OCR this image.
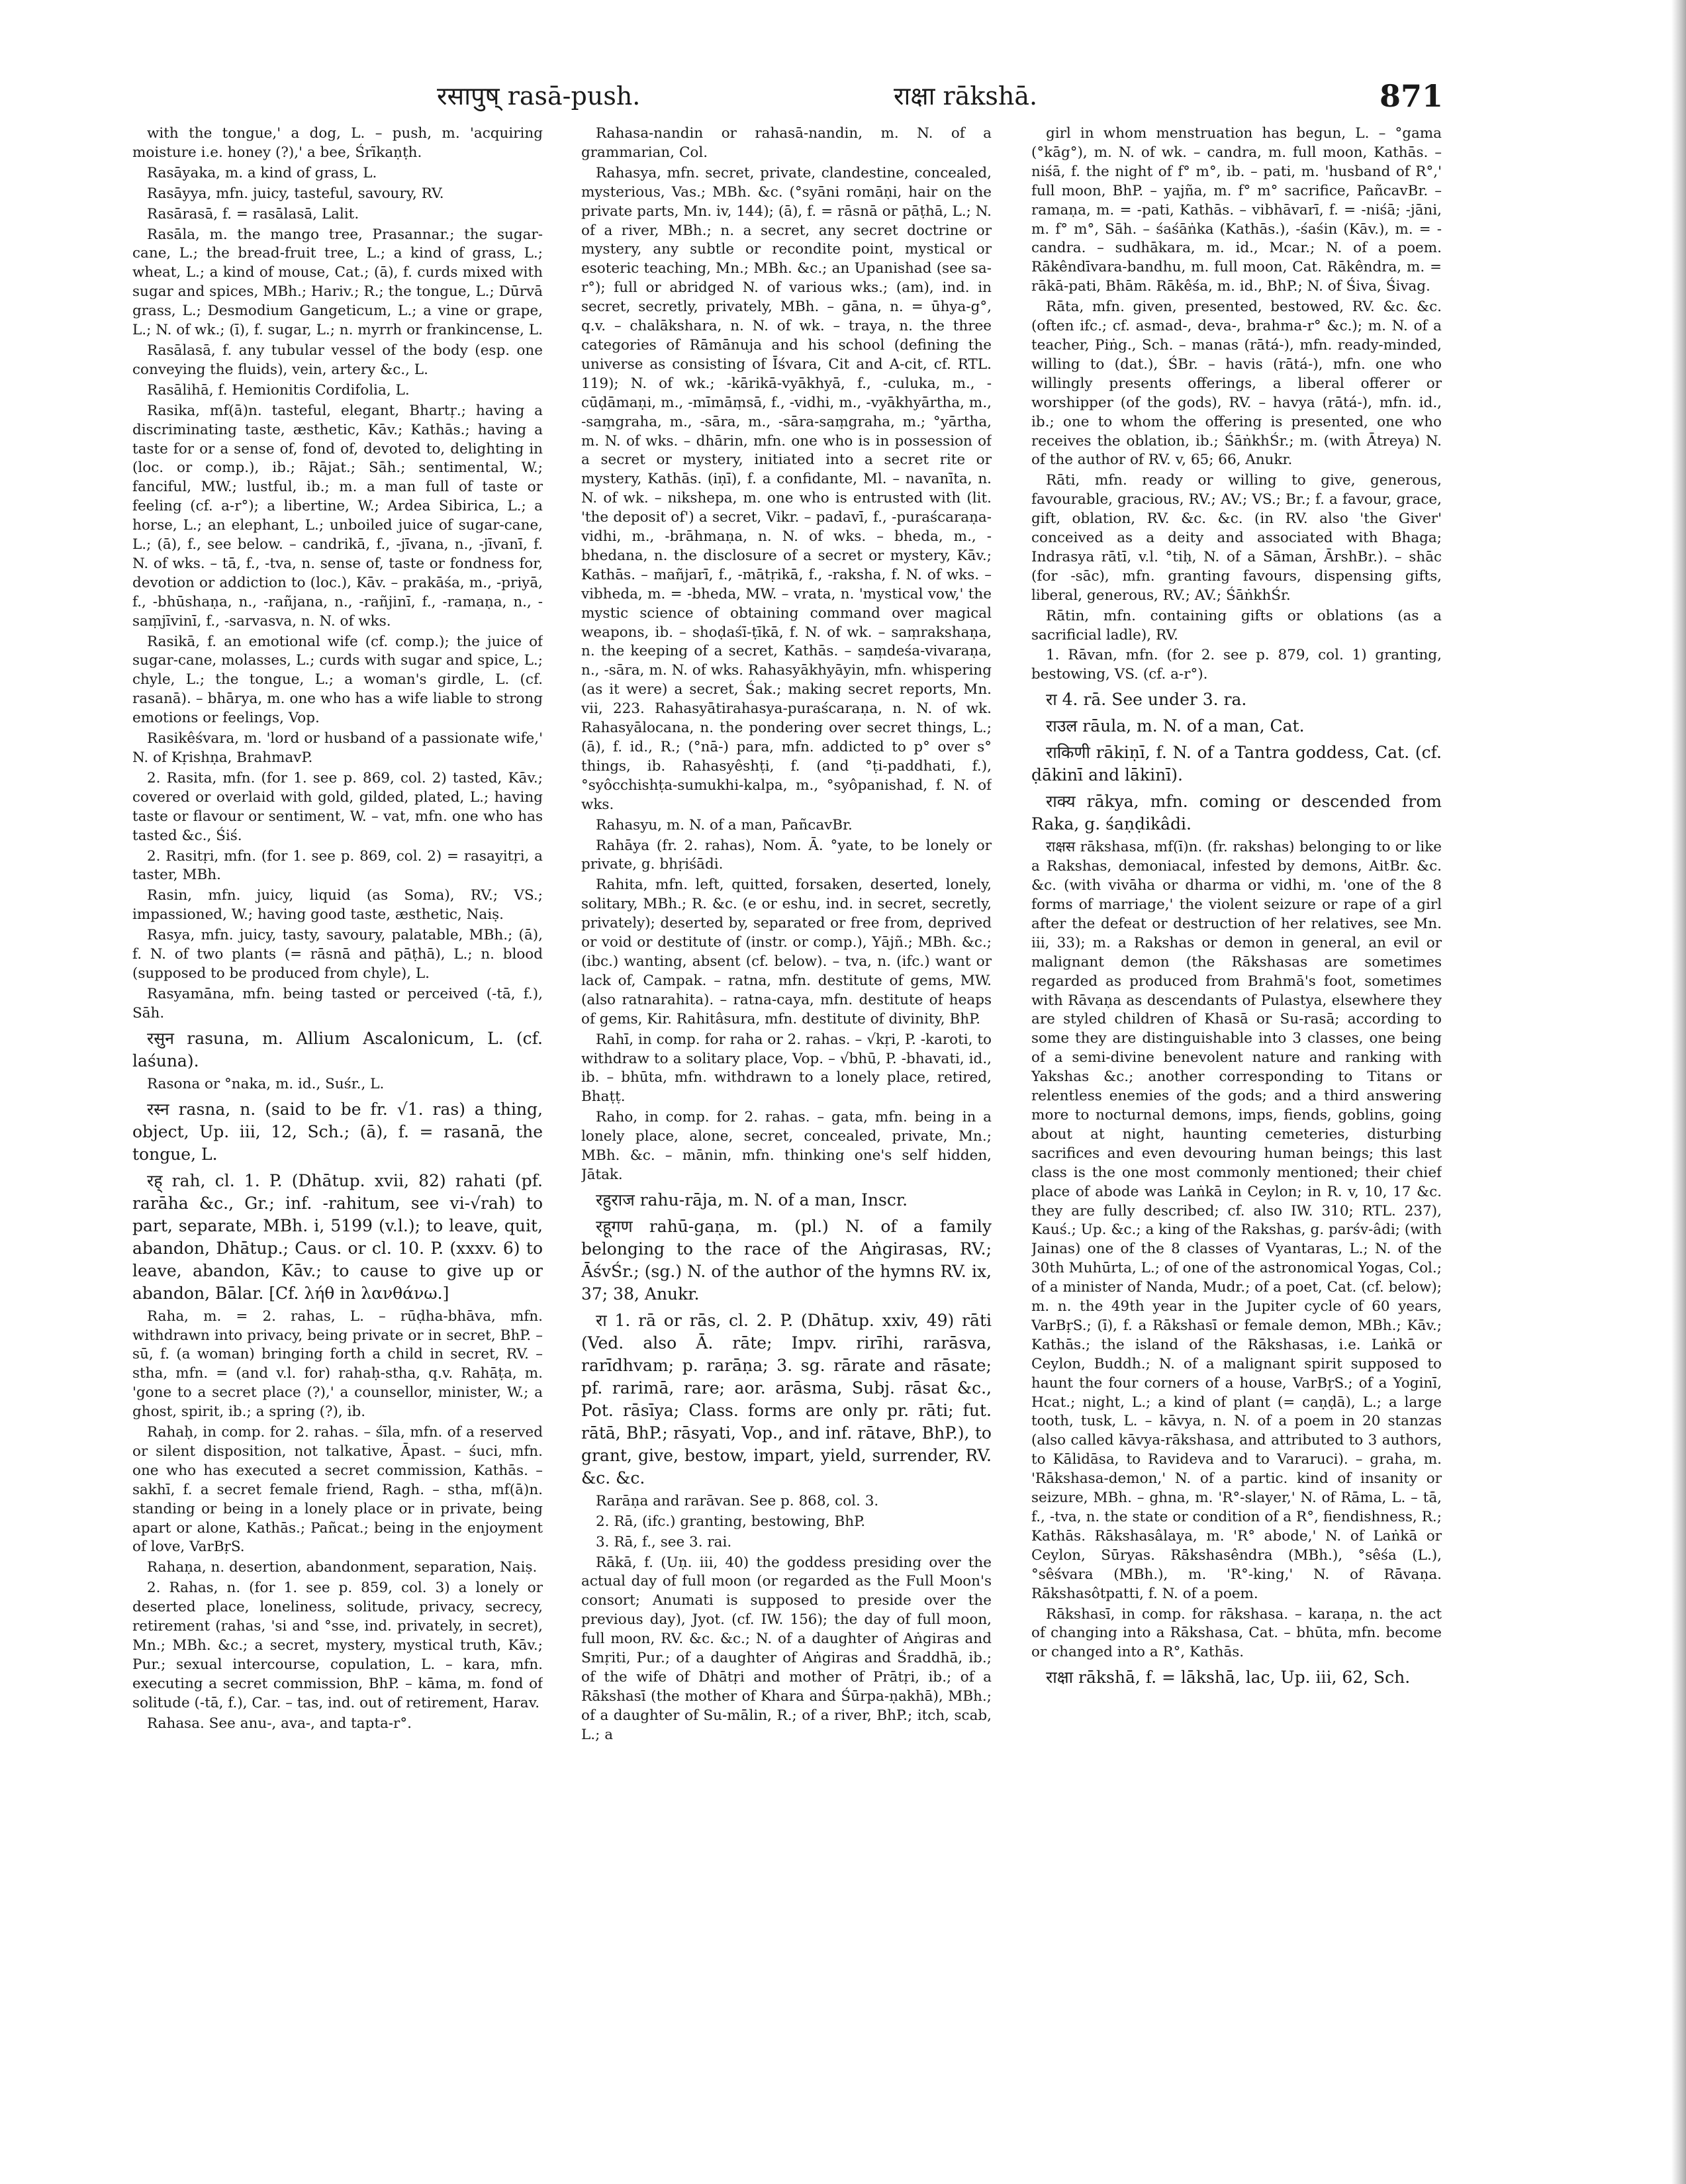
रसापुष् rasā-push.	राक्षा rākshā.	871

with the tongue,' a dog, L. – push, m. 'acquiring moisture i.e. honey (?),' a bee, Śrīkaṇṭh.

Rasāyaka, m. a kind of grass, L.

Rasāyya, mfn. juicy, tasteful, savoury, RV.

Rasārasā, f. = rasālasā, Lalit.

Rasāla, m. the mango tree, Prasannar.; the sugar-cane, L.; the bread-fruit tree, L.; a kind of grass, L.; wheat, L.; a kind of mouse, Cat.; (ā), f. curds mixed with sugar and spices, MBh.; Hariv.; R.; the tongue, L.; Dūrvā grass, L.; Desmodium Gangeticum, L.; a vine or grape, L.; N. of wk.; (ī), f. sugar, L.; n. myrrh or frankincense, L.

Rasālasā, f. any tubular vessel of the body (esp. one conveying the fluids), vein, artery &c., L.

Rasālihā, f. Hemionitis Cordifolia, L.

Rasika, mf(ā)n. tasteful, elegant, Bhartṛ.; having a discriminating taste, æsthetic, Kāv.; Kathās.; having a taste for or a sense of, fond of, devoted to, delighting in (loc. or comp.), ib.; Rājat.; Sāh.; sentimental, W.; fanciful, MW.; lustful, ib.; m. a man full of taste or feeling (cf. a-r°); a libertine, W.; Ardea Sibirica, L.; a horse, L.; an elephant, L.; unboiled juice of sugar-cane, L.; (ā), f., see below. – candrikā, f., -jīvana, n., -jīvanī, f. N. of wks. – tā, f., -tva, n. sense of, taste or fondness for, devotion or addiction to (loc.), Kāv. – prakāśa, m., -priyā, f., -bhūshaṇa, n., -rañjana, n., -rañjinī, f., -ramaṇa, n., -saṃjīvinī, f., -sarvasva, n. N. of wks.

Rasikā, f. an emotional wife (cf. comp.); the juice of sugar-cane, molasses, L.; curds with sugar and spice, L.; chyle, L.; the tongue, L.; a woman's girdle, L. (cf. rasanā). – bhārya, m. one who has a wife liable to strong emotions or feelings, Vop.

Rasikêśvara, m. 'lord or husband of a passionate wife,' N. of Kṛishṇa, BrahmavP.

2. Rasita, mfn. (for 1. see p. 869, col. 2) tasted, Kāv.; covered or overlaid with gold, gilded, plated, L.; having taste or flavour or sentiment, W. – vat, mfn. one who has tasted &c., Śiś.

2. Rasitṛi, mfn. (for 1. see p. 869, col. 2) = rasayitṛi, a taster, MBh.

Rasin, mfn. juicy, liquid (as Soma), RV.; VS.; impassioned, W.; having good taste, æsthetic, Naiṣ.

Rasya, mfn. juicy, tasty, savoury, palatable, MBh.; (ā), f. N. of two plants (= rāsnā and pāṭhā), L.; n. blood (supposed to be produced from chyle), L.

Rasyamāna, mfn. being tasted or perceived (-tā, f.), Sāh.

रसुन rasuna, m. Allium Ascalonicum, L. (cf. laśuna).

Rasona or °naka, m. id., Suśr., L.

रस्न rasna, n. (said to be fr. √1. ras) a thing, object, Up. iii, 12, Sch.; (ā), f. = rasanā, the tongue, L.

रह् rah, cl. 1. P. (Dhātup. xvii, 82) rahati (pf. rarāha &c., Gr.; inf. -rahitum, see vi-√rah) to part, separate, MBh. i, 5199 (v.l.); to leave, quit, abandon, Dhātup.; Caus. or cl. 10. P. (xxxv. 6) to leave, abandon, Kāv.; to cause to give up or abandon, Bālar. [Cf. λήθ in λανθάνω.]

Raha, m. = 2. rahas, L. – rūḍha-bhāva, mfn. withdrawn into privacy, being private or in secret, BhP. – sū, f. (a woman) bringing forth a child in secret, RV. – stha, mfn. = (and v.l. for) rahaḥ-stha, q.v. Rahāṭa, m. 'gone to a secret place (?),' a counsellor, minister, W.; a ghost, spirit, ib.; a spring (?), ib.

Rahaḥ, in comp. for 2. rahas. – śīla, mfn. of a reserved or silent disposition, not talkative, Āpast. – śuci, mfn. one who has executed a secret commission, Kathās. – sakhī, f. a secret female friend, Ragh. – stha, mf(ā)n. standing or being in a lonely place or in private, being apart or alone, Kathās.; Pañcat.; being in the enjoyment of love, VarBṛS.

Rahaṇa, n. desertion, abandonment, separation, Naiṣ.

2. Rahas, n. (for 1. see p. 859, col. 3) a lonely or deserted place, loneliness, solitude, privacy, secrecy, retirement (rahas, 'si and °sse, ind. privately, in secret), Mn.; MBh. &c.; a secret, mystery, mystical truth, Kāv.; Pur.; sexual intercourse, copulation, L. – kara, mfn. executing a secret commission, BhP. – kāma, m. fond of solitude (-tā, f.), Car. – tas, ind. out of retirement, Harav.

Rahasa. See anu-, ava-, and tapta-r°.

Rahasa-nandin or rahasā-nandin, m. N. of a grammarian, Col.

Rahasya, mfn. secret, private, clandestine, concealed, mysterious, Vas.; MBh. &c. (°syāni romāṇi, hair on the private parts, Mn. iv, 144); (ā), f. = rāsnā or pāṭhā, L.; N. of a river, MBh.; n. a secret, any secret doctrine or mystery, any subtle or recondite point, mystical or esoteric teaching, Mn.; MBh. &c.; an Upanishad (see sa-r°); full or abridged N. of various wks.; (am), ind. in secret, secretly, privately, MBh. – gāna, n. = ūhya-g°, q.v. – chalākshara, n. N. of wk. – traya, n. the three categories of Rāmānuja and his school (defining the universe as consisting of Īśvara, Cit and A-cit, cf. RTL. 119); N. of wk.; -kārikā-vyākhyā, f., -culuka, m., -cūḍāmaṇi, m., -mīmāṃsā, f., -vidhi, m., -vyākhyārtha, m., -saṃgraha, m., -sāra, m., -sāra-saṃgraha, m.; °yārtha, m. N. of wks. – dhārin, mfn. one who is in possession of a secret or mystery, initiated into a secret rite or mystery, Kathās. (iṇī), f. a confidante, Ml. – navanīta, n. N. of wk. – nikshepa, m. one who is entrusted with (lit. 'the deposit of') a secret, Vikr. – padavī, f., -puraścaraṇa-vidhi, m., -brāhmaṇa, n. N. of wks. – bheda, m., -bhedana, n. the disclosure of a secret or mystery, Kāv.; Kathās. – mañjarī, f., -mātṛikā, f., -raksha, f. N. of wks. – vibheda, m. = -bheda, MW. – vrata, n. 'mystical vow,' the mystic science of obtaining command over magical weapons, ib. – shoḍaśī-ṭīkā, f. N. of wk. – saṃrakshaṇa, n. the keeping of a secret, Kathās. – saṃdeśa-vivaraṇa, n., -sāra, m. N. of wks. Rahasyākhyāyin, mfn. whispering (as it were) a secret, Śak.; making secret reports, Mn. vii, 223. Rahasyātirahasya-puraścaraṇa, n. N. of wk. Rahasyālocana, n. the pondering over secret things, L.; (ā), f. id., R.; (°nā-) para, mfn. addicted to p° over s° things, ib. Rahasyêshṭi, f. (and °ṭi-paddhati, f.), °syôcchishṭa-sumukhi-kalpa, m., °syôpanishad, f. N. of wks.

Rahasyu, m. N. of a man, PañcavBr.

Rahāya (fr. 2. rahas), Nom. Ā. °yate, to be lonely or private, g. bhṛiśādi.

Rahita, mfn. left, quitted, forsaken, deserted, lonely, solitary, MBh.; R. &c. (e or eshu, ind. in secret, secretly, privately); deserted by, separated or free from, deprived or void or destitute of (instr. or comp.), Yājñ.; MBh. &c.; (ibc.) wanting, absent (cf. below). – tva, n. (ifc.) want or lack of, Campak. – ratna, mfn. destitute of gems, MW. (also ratnarahita). – ratna-caya, mfn. destitute of heaps of gems, Kir. Rahitâsura, mfn. destitute of divinity, BhP.

Rahī, in comp. for raha or 2. rahas. – √kṛi, P. -karoti, to withdraw to a solitary place, Vop. – √bhū, P. -bhavati, id., ib. – bhūta, mfn. withdrawn to a lonely place, retired, Bhaṭṭ.

Raho, in comp. for 2. rahas. – gata, mfn. being in a lonely place, alone, secret, concealed, private, Mn.; MBh. &c. – mānin, mfn. thinking one's self hidden, Jātak.

रहुराज rahu-rāja, m. N. of a man, Inscr.

रहूगण rahū-gaṇa, m. (pl.) N. of a family belonging to the race of the Aṅgirasas, RV.; ĀśvŚr.; (sg.) N. of the author of the hymns RV. ix, 37; 38, Anukr.

रा 1. rā or rās, cl. 2. P. (Dhātup. xxiv, 49) rāti (Ved. also Ā. rāte; Impv. rirīhi, rarāsva, rarīdhvam; p. rarāṇa; 3. sg. rārate and rāsate; pf. rarimā, rare; aor. arāsma, Subj. rāsat &c., Pot. rāsīya; Class. forms are only pr. rāti; fut. rātā, BhP.; rāsyati, Vop., and inf. rātave, BhP.), to grant, give, bestow, impart, yield, surrender, RV. &c. &c.

Rarāṇa and rarāvan. See p. 868, col. 3.

2. Rā, (ifc.) granting, bestowing, BhP.

3. Rā, f., see 3. rai.

Rākā, f. (Uṇ. iii, 40) the goddess presiding over the actual day of full moon (or regarded as the Full Moon's consort; Anumati is supposed to preside over the previous day), Jyot. (cf. IW. 156); the day of full moon, full moon, RV. &c. &c.; N. of a daughter of Aṅgiras and Smṛiti, Pur.; of a daughter of Aṅgiras and Śraddhā, ib.; of the wife of Dhātṛi and mother of Prātṛi, ib.; of a Rākshasī (the mother of Khara and Śūrpa-ṇakhā), MBh.; of a daughter of Su-mālin, R.; of a river, BhP.; itch, scab, L.; a

girl in whom menstruation has begun, L. – °gama (°kāg°), m. N. of wk. – candra, m. full moon, Kathās. – niśā, f. the night of f° m°, ib. – pati, m. 'husband of R°,' full moon, BhP. – yajña, m. f° m° sacrifice, PañcavBr. – ramaṇa, m. = -pati, Kathās. – vibhāvarī, f. = -niśā; -jāni, m. f° m°, Sāh. – śaśāṅka (Kathās.), -śaśin (Kāv.), m. = -candra. – sudhākara, m. id., Mcar.; N. of a poem. Rākêndīvara-bandhu, m. full moon, Cat. Rākêndra, m. = rākā-pati, Bhām. Rākêśa, m. id., BhP.; N. of Śiva, Śivag.

Rāta, mfn. given, presented, bestowed, RV. &c. &c. (often ifc.; cf. asmad-, deva-, brahma-r° &c.); m. N. of a teacher, Piṅg., Sch. – manas (rātá-), mfn. ready-minded, willing to (dat.), ŚBr. – havis (rātá-), mfn. one who willingly presents offerings, a liberal offerer or worshipper (of the gods), RV. – havya (rātá-), mfn. id., ib.; one to whom the offering is presented, one who receives the oblation, ib.; ŚāṅkhŚr.; m. (with Ātreya) N. of the author of RV. v, 65; 66, Anukr.

Rāti, mfn. ready or willing to give, generous, favourable, gracious, RV.; AV.; VS.; Br.; f. a favour, grace, gift, oblation, RV. &c. &c. (in RV. also 'the Giver' conceived as a deity and associated with Bhaga; Indrasya rātī, v.l. °tiḥ, N. of a Sāman, ĀrshBr.). – shāc (for -sāc), mfn. granting favours, dispensing gifts, liberal, generous, RV.; AV.; ŚāṅkhŚr.

Rātin, mfn. containing gifts or oblations (as a sacrificial ladle), RV.

1. Rāvan, mfn. (for 2. see p. 879, col. 1) granting, bestowing, VS. (cf. a-r°).

रा 4. rā. See under 3. ra.

राउल rāula, m. N. of a man, Cat.

राकिणी rākiṇī, f. N. of a Tantra goddess, Cat. (cf. ḍākinī and lākinī).

राक्य rākya, mfn. coming or descended from Raka, g. śaṇḍikâdi.

राक्षस rākshasa, mf(ī)n. (fr. rakshas) belonging to or like a Rakshas, demoniacal, infested by demons, AitBr. &c. &c. (with vivāha or dharma or vidhi, m. 'one of the 8 forms of marriage,' the violent seizure or rape of a girl after the defeat or destruction of her relatives, see Mn. iii, 33); m. a Rakshas or demon in general, an evil or malignant demon (the Rākshasas are sometimes regarded as produced from Brahmā's foot, sometimes with Rāvaṇa as descendants of Pulastya, elsewhere they are styled children of Khasā or Su-rasā; according to some they are distinguishable into 3 classes, one being of a semi-divine benevolent nature and ranking with Yakshas &c.; another corresponding to Titans or relentless enemies of the gods; and a third answering more to nocturnal demons, imps, fiends, goblins, going about at night, haunting cemeteries, disturbing sacrifices and even devouring human beings; this last class is the one most commonly mentioned; their chief place of abode was Laṅkā in Ceylon; in R. v, 10, 17 &c. they are fully described; cf. also IW. 310; RTL. 237), Kauś.; Up. &c.; a king of the Rakshas, g. parśv-âdi; (with Jainas) one of the 8 classes of Vyantaras, L.; N. of the 30th Muhūrta, L.; of one of the astronomical Yogas, Col.; of a minister of Nanda, Mudr.; of a poet, Cat. (cf. below); m. n. the 49th year in the Jupiter cycle of 60 years, VarBṛS.; (ī), f. a Rākshasī or female demon, MBh.; Kāv.; Kathās.; the island of the Rākshasas, i.e. Laṅkā or Ceylon, Buddh.; N. of a malignant spirit supposed to haunt the four corners of a house, VarBṛS.; of a Yoginī, Hcat.; night, L.; a kind of plant (= caṇḍā), L.; a large tooth, tusk, L. – kāvya, n. N. of a poem in 20 stanzas (also called kāvya-rākshasa, and attributed to 3 authors, to Kālidāsa, to Ravideva and to Vararuci). – graha, m. 'Rākshasa-demon,' N. of a partic. kind of insanity or seizure, MBh. – ghna, m. 'R°-slayer,' N. of Rāma, L. – tā, f., -tva, n. the state or condition of a R°, fiendishness, R.; Kathās. Rākshasâlaya, m. 'R° abode,' N. of Laṅkā or Ceylon, Sūryas. Rākshasêndra (MBh.), °sêśa (L.), °sêśvara (MBh.), m. 'R°-king,' N. of Rāvaṇa. Rākshasôtpatti, f. N. of a poem.

Rākshasī, in comp. for rākshasa. – karaṇa, n. the act of changing into a Rākshasa, Cat. – bhūta, mfn. become or changed into a R°, Kathās.

राक्षा rākshā, f. = lākshā, lac, Up. iii, 62, Sch.
